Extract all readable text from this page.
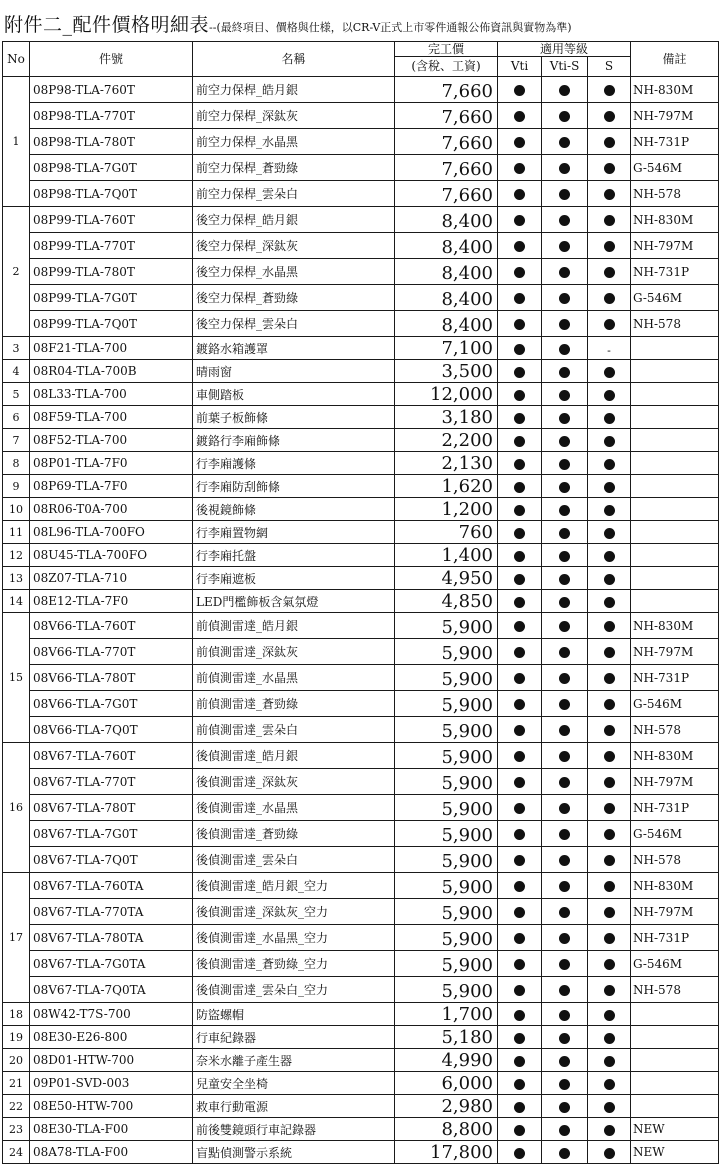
附件二_配件價格明細表--(最終項目、價格與仕様，以CR-V正式上市零件通報公佈資訊與實物為準)
No	件號	名稱	完工價	適用等級			備註
			(含稅、工資)	Vti	Vti-S	S	
1	08P98-TLA-760T	前空力保桿_皓月銀	7,660				NH-830M
	08P98-TLA-770T	前空力保桿_深鈦灰	7,660				NH-797M
	08P98-TLA-780T	前空力保桿_水晶黑	7,660				NH-731P
	08P98-TLA-7G0T	前空力保桿_蒼勁綠	7,660				G-546M
	08P98-TLA-7Q0T	前空力保桿_雲朵白	7,660				NH-578
2	08P99-TLA-760T	後空力保桿_皓月銀	8,400				NH-830M
	08P99-TLA-770T	後空力保桿_深鈦灰	8,400				NH-797M
	08P99-TLA-780T	後空力保桿_水晶黑	8,400				NH-731P
	08P99-TLA-7G0T	後空力保桿_蒼勁綠	8,400				G-546M
	08P99-TLA-7Q0T	後空力保桿_雲朵白	8,400				NH-578
3	08F21-TLA-700	鍍鉻水箱護罩	7,100			-	
4	08R04-TLA-700B	晴雨窗	3,500				
5	08L33-TLA-700	車側踏板	12,000				
6	08F59-TLA-700	前葉子板飾條	3,180				
7	08F52-TLA-700	鍍鉻行李廂飾條	2,200				
8	08P01-TLA-7F0	行李廂護條	2,130				
9	08P69-TLA-7F0	行李廂防刮飾條	1,620				
10	08R06-T0A-700	後視鏡飾條	1,200				
11	08L96-TLA-700FO	行李廂置物網	760				
12	08U45-TLA-700FO	行李廂托盤	1,400				
13	08Z07-TLA-710	行李廂遮板	4,950				
14	08E12-TLA-7F0	LED門檻飾板含氣氛燈	4,850				
15	08V66-TLA-760T	前偵測雷達_皓月銀	5,900				NH-830M
	08V66-TLA-770T	前偵測雷達_深鈦灰	5,900				NH-797M
	08V66-TLA-780T	前偵測雷達_水晶黑	5,900				NH-731P
	08V66-TLA-7G0T	前偵測雷達_蒼勁綠	5,900				G-546M
	08V66-TLA-7Q0T	前偵測雷達_雲朵白	5,900				NH-578
16	08V67-TLA-760T	後偵測雷達_皓月銀	5,900				NH-830M
	08V67-TLA-770T	後偵測雷達_深鈦灰	5,900				NH-797M
	08V67-TLA-780T	後偵測雷達_水晶黑	5,900				NH-731P
	08V67-TLA-7G0T	後偵測雷達_蒼勁綠	5,900				G-546M
	08V67-TLA-7Q0T	後偵測雷達_雲朵白	5,900				NH-578
17	08V67-TLA-760TA	後偵測雷達_皓月銀_空力	5,900				NH-830M
	08V67-TLA-770TA	後偵測雷達_深鈦灰_空力	5,900				NH-797M
	08V67-TLA-780TA	後偵測雷達_水晶黑_空力	5,900				NH-731P
	08V67-TLA-7G0TA	後偵測雷達_蒼勁綠_空力	5,900				G-546M
	08V67-TLA-7Q0TA	後偵測雷達_雲朵白_空力	5,900				NH-578
18	08W42-T7S-700	防盜螺帽	1,700				
19	08E30-E26-800	行車紀錄器	5,180				
20	08D01-HTW-700	奈米水離子產生器	4,990				
21	09P01-SVD-003	兒童安全坐椅	6,000				
22	08E50-HTW-700	救車行動電源	2,980				
23	08E30-TLA-F00	前後雙鏡頭行車記錄器	8,800				NEW
24	08A78-TLA-F00	盲點偵測警示系統	17,800				NEW
